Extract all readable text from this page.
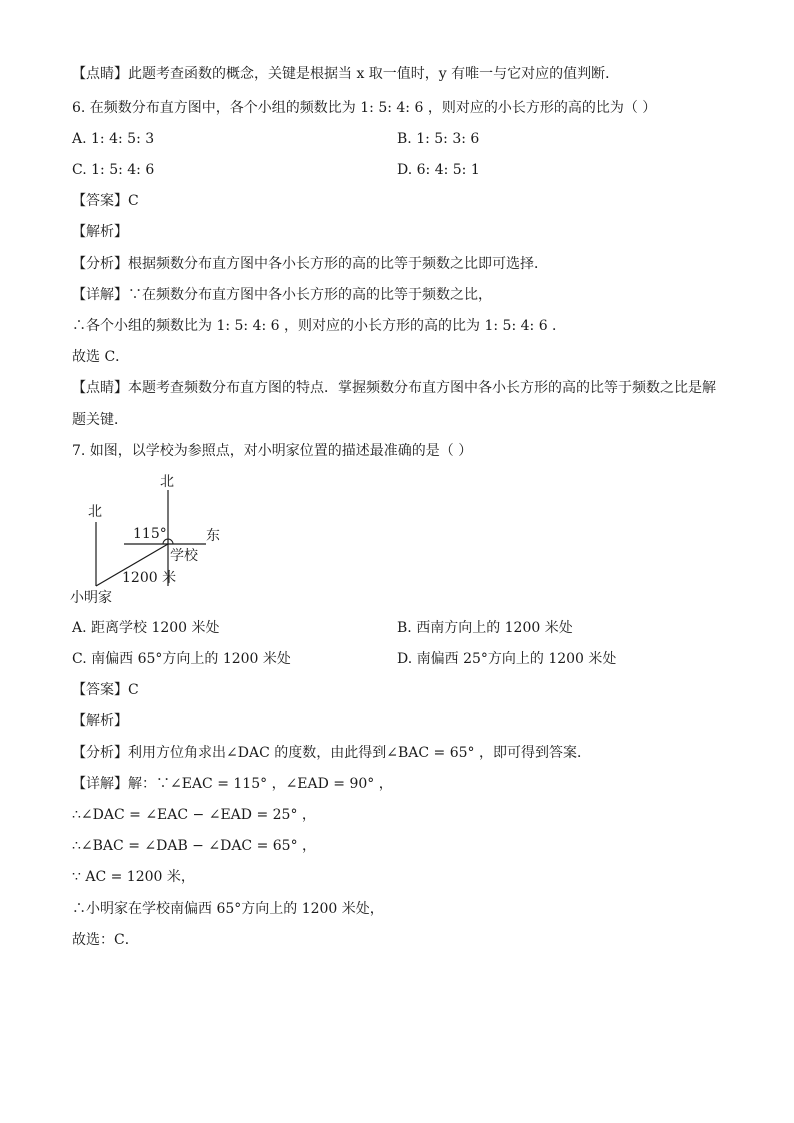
【点睛】此题考查函数的概念，关键是根据当 x 取一值时，y 有唯一与它对应的值判断．
6. 在频数分布直方图中，各个小组的频数比为 1: 5: 4: 6 ，则对应的小长方形的高的比为（ ）
A. 1: 4: 5: 3	B. 1: 5: 3: 6
C. 1: 5: 4: 6	D. 6: 4: 5: 1
【答案】C
【解析】
【分析】根据频数分布直方图中各小长方形的高的比等于频数之比即可选择．
【详解】∵在频数分布直方图中各小长方形的高的比等于频数之比，
∴各个小组的频数比为 1: 5: 4: 6 ，则对应的小长方形的高的比为 1: 5: 4: 6 ．
故选 C．
【点睛】本题考查频数分布直方图的特点．掌握频数分布直方图中各小长方形的高的比等于频数之比是解
题关键．
7. 如图，以学校为参照点，对小明家位置的描述最准确的是（ ）
北
北
东
学校
115°
1200 米
小明家
A. 距离学校 1200 米处	B. 西南方向上的 1200 米处
C. 南偏西 65°方向上的 1200 米处	D. 南偏西 25°方向上的 1200 米处
【答案】C
【解析】
【分析】利用方位角求出∠DAC 的度数，由此得到∠BAC = 65° ，即可得到答案．
【详解】解：∵∠EAC = 115° ，∠EAD = 90° ，
∴∠DAC = ∠EAC − ∠EAD = 25° ，
∴∠BAC = ∠DAB − ∠DAC = 65° ，
∵ AC = 1200 米，
∴小明家在学校南偏西 65°方向上的 1200 米处，
故选：C．
